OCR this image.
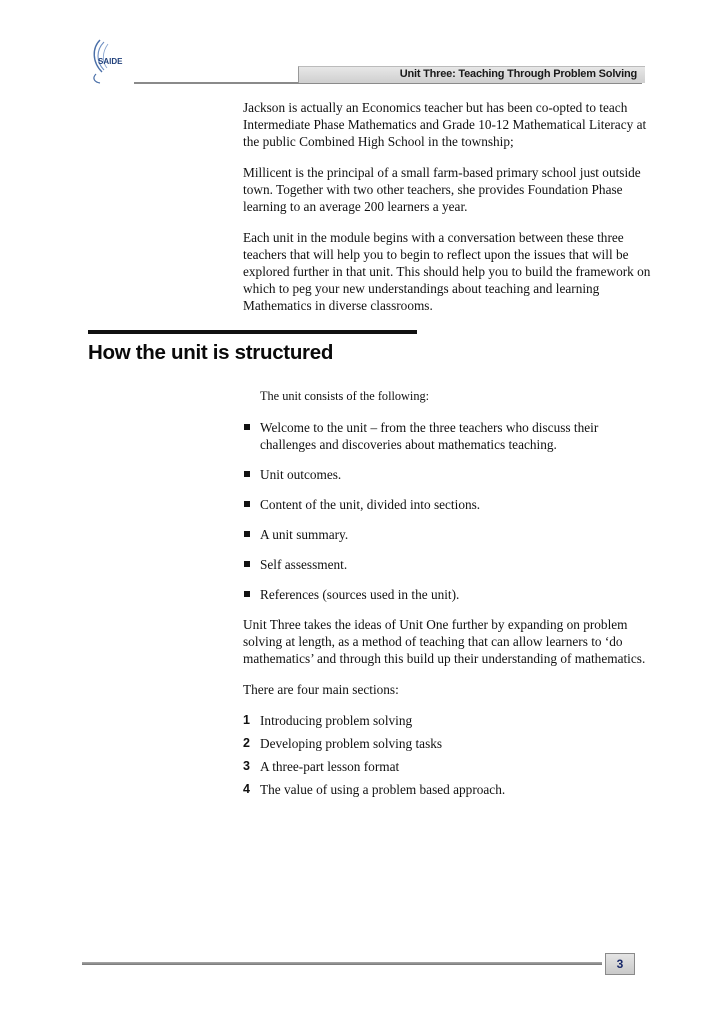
SAIDE
Unit Three: Teaching Through Problem Solving

Jackson is actually an Economics teacher but has been co-opted to teach Intermediate Phase Mathematics and Grade 10-12 Mathematical Literacy at the public Combined High School in the township;

Millicent is the principal of a small farm-based primary school just outside town. Together with two other teachers, she provides Foundation Phase learning to an average 200 learners a year.

Each unit in the module begins with a conversation between these three teachers that will help you to begin to reflect upon the issues that will be explored further in that unit. This should help you to build the framework on which to peg your new understandings about teaching and learning Mathematics in diverse classrooms.

How the unit is structured

The unit consists of the following:

Welcome to the unit – from the three teachers who discuss their challenges and discoveries about mathematics teaching.
Unit outcomes.
Content of the unit, divided into sections.
A unit summary.
Self assessment.
References (sources used in the unit).

Unit Three takes the ideas of Unit One further by expanding on problem solving at length, as a method of teaching that can allow learners to ‘do mathematics’ and through this build up their understanding of mathematics.

There are four main sections:

1 Introducing problem solving
2 Developing problem solving tasks
3 A three-part lesson format
4 The value of using a problem based approach.
3
